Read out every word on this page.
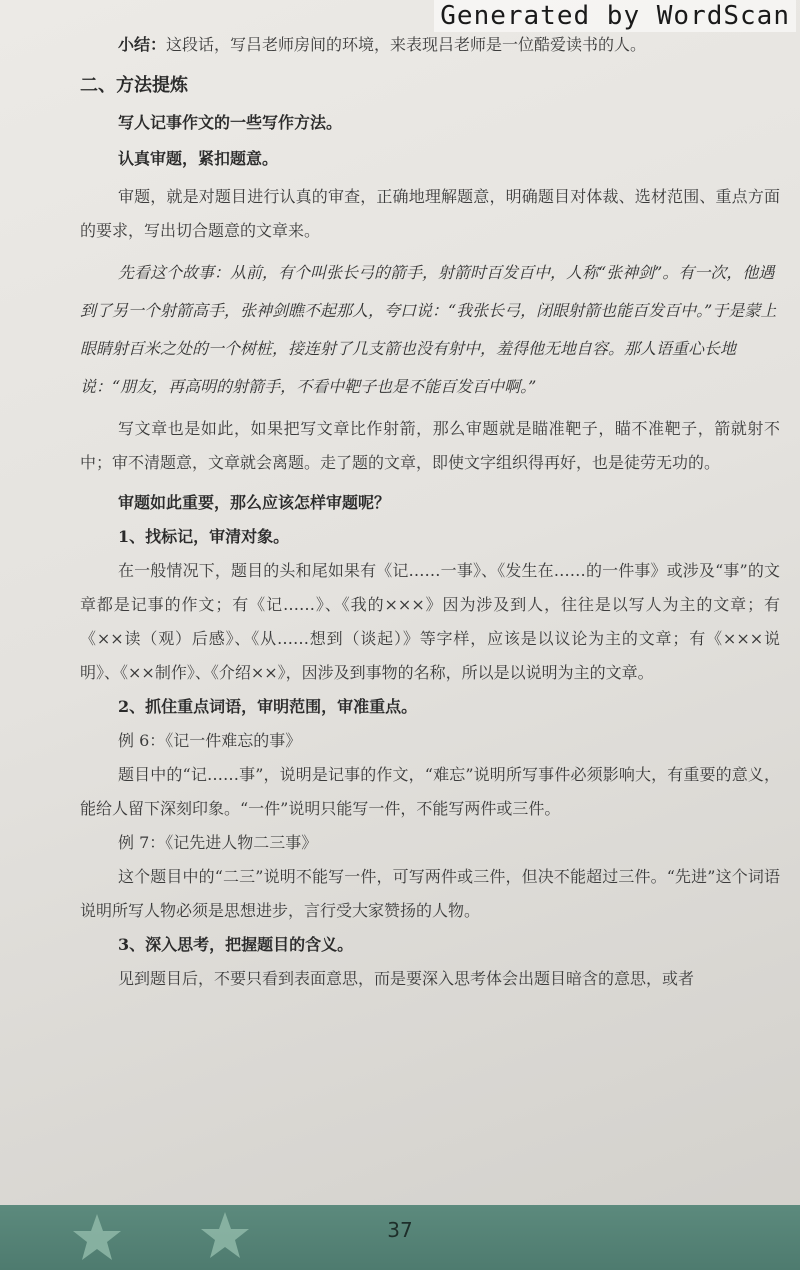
Generated by WordScan

小结：这段话，写吕老师房间的环境，来表现吕老师是一位酷爱读书的人。

二、方法提炼

写人记事作文的一些写作方法。

认真审题，紧扣题意。

审题，就是对题目进行认真的审查，正确地理解题意，明确题目对体裁、选材范围、重点方面的要求，写出切合题意的文章来。

先看这个故事：从前，有个叫张长弓的箭手，射箭时百发百中，人称“张神剑”。有一次，他遇到了另一个射箭高手，张神剑瞧不起那人，夸口说：“我张长弓，闭眼射箭也能百发百中。”于是蒙上眼睛射百米之处的一个树桩，接连射了几支箭也没有射中，羞得他无地自容。那人语重心长地说：“朋友，再高明的射箭手，不看中靶子也是不能百发百中啊。”

写文章也是如此，如果把写文章比作射箭，那么审题就是瞄准靶子，瞄不准靶子，箭就射不中；审不清题意，文章就会离题。走了题的文章，即使文字组织得再好，也是徒劳无功的。

审题如此重要，那么应该怎样审题呢？

1、找标记，审清对象。

在一般情况下，题目的头和尾如果有《记……一事》、《发生在……的一件事》或涉及“事”的文章都是记事的作文；有《记……》、《我的×××》因为涉及到人，往往是以写人为主的文章；有《××读（观）后感》、《从……想到（谈起）》等字样，应该是以议论为主的文章；有《×××说明》、《××制作》、《介绍××》，因涉及到事物的名称，所以是以说明为主的文章。

2、抓住重点词语，审明范围，审准重点。

例 6：《记一件难忘的事》

题目中的“记……事”，说明是记事的作文，“难忘”说明所写事件必须影响大，有重要的意义，能给人留下深刻印象。“一件”说明只能写一件，不能写两件或三件。

例 7：《记先进人物二三事》

这个题目中的“二三”说明不能写一件，可写两件或三件，但决不能超过三件。“先进”这个词语说明所写人物必须是思想进步，言行受大家赞扬的人物。

3、深入思考，把握题目的含义。

见到题目后，不要只看到表面意思，而是要深入思考体会出题目暗含的意思，或者

37
